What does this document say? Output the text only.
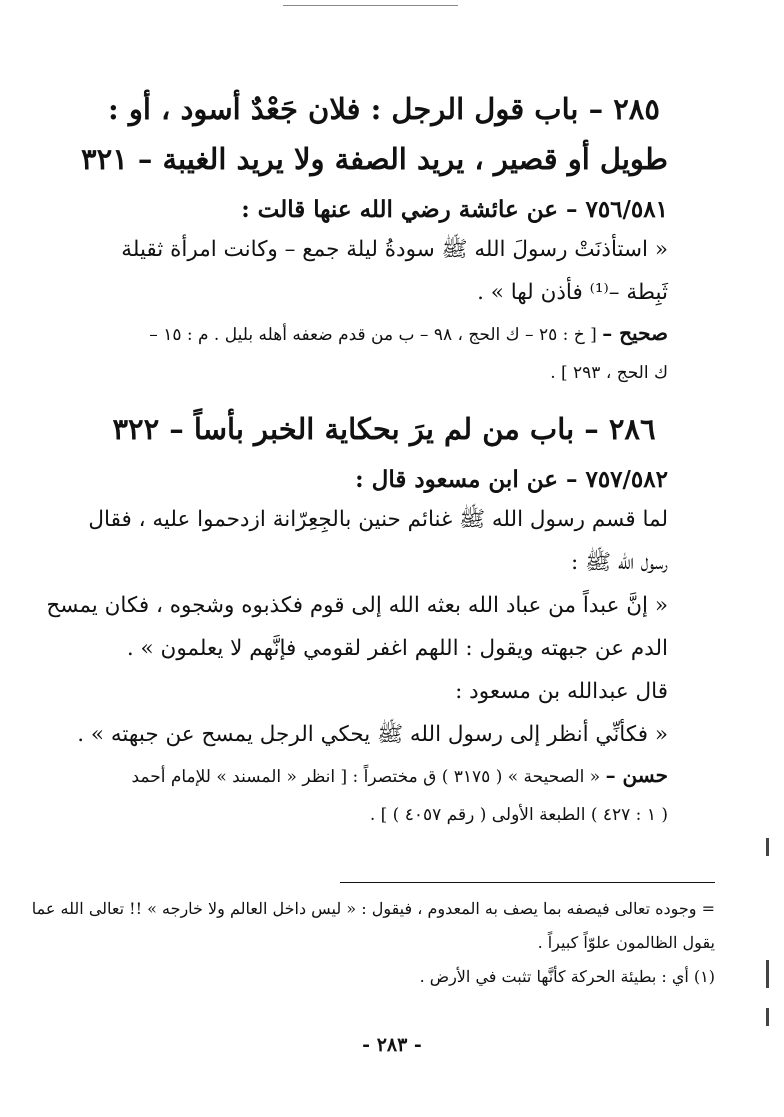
٢٨٥ – باب قول الرجل : فلان جَعْدٌ أسود ، أو :
طويل أو قصير ، يريد الصفة ولا يريد الغيبة – ٣٢١
٧٥٦/٥٨١ – عن عائشة رضي الله عنها قالت :
« استأذنَتْ رسولَ الله ﷺ سودةُ ليلة جمع – وكانت امرأة ثقيلة
ثَبِطة –⁽¹⁾ فأذن لها » .
صحيح – [ خ : ٢٥ – ك الحج ، ٩٨ – ب من قدم ضعفه أهله بليل . م : ١٥ –
ك الحج ، ٢٩٣ ] .
٢٨٦ – باب من لم يرَ بحكاية الخبر بأساً – ٣٢٢
٧٥٧/٥٨٢ – عن ابن مسعود قال :
لما قسم رسول الله ﷺ غنائم حنين بالجِعِرّانة ازدحموا عليه ، فقال
رسول الله ﷺ :
« إنَّ عبداً من عباد الله بعثه الله إلى قوم فكذبوه وشجوه ، فكان يمسح
الدم عن جبهته ويقول : اللهم اغفر لقومي فإنَّهم لا يعلمون » .
قال عبدالله بن مسعود :
« فكأنِّي أنظر إلى رسول الله ﷺ يحكي الرجل يمسح عن جبهته » .
حسن – « الصحيحة » ( ٣١٧٥ ) ق مختصراً : [ انظر « المسند » للإمام أحمد
( ١ : ٤٢٧ ) الطبعة الأولى ( رقم ٤٠٥٧ ) ] .
= وجوده تعالى فيصفه بما يصف به المعدوم ، فيقول : « ليس داخل العالم ولا خارجه » !! تعالى الله عما
يقول الظالمون علوّاً كبيراً .
(١) أي : بطيئة الحركة كأنَّها تثبت في الأرض .
- ٢٨٣ -
